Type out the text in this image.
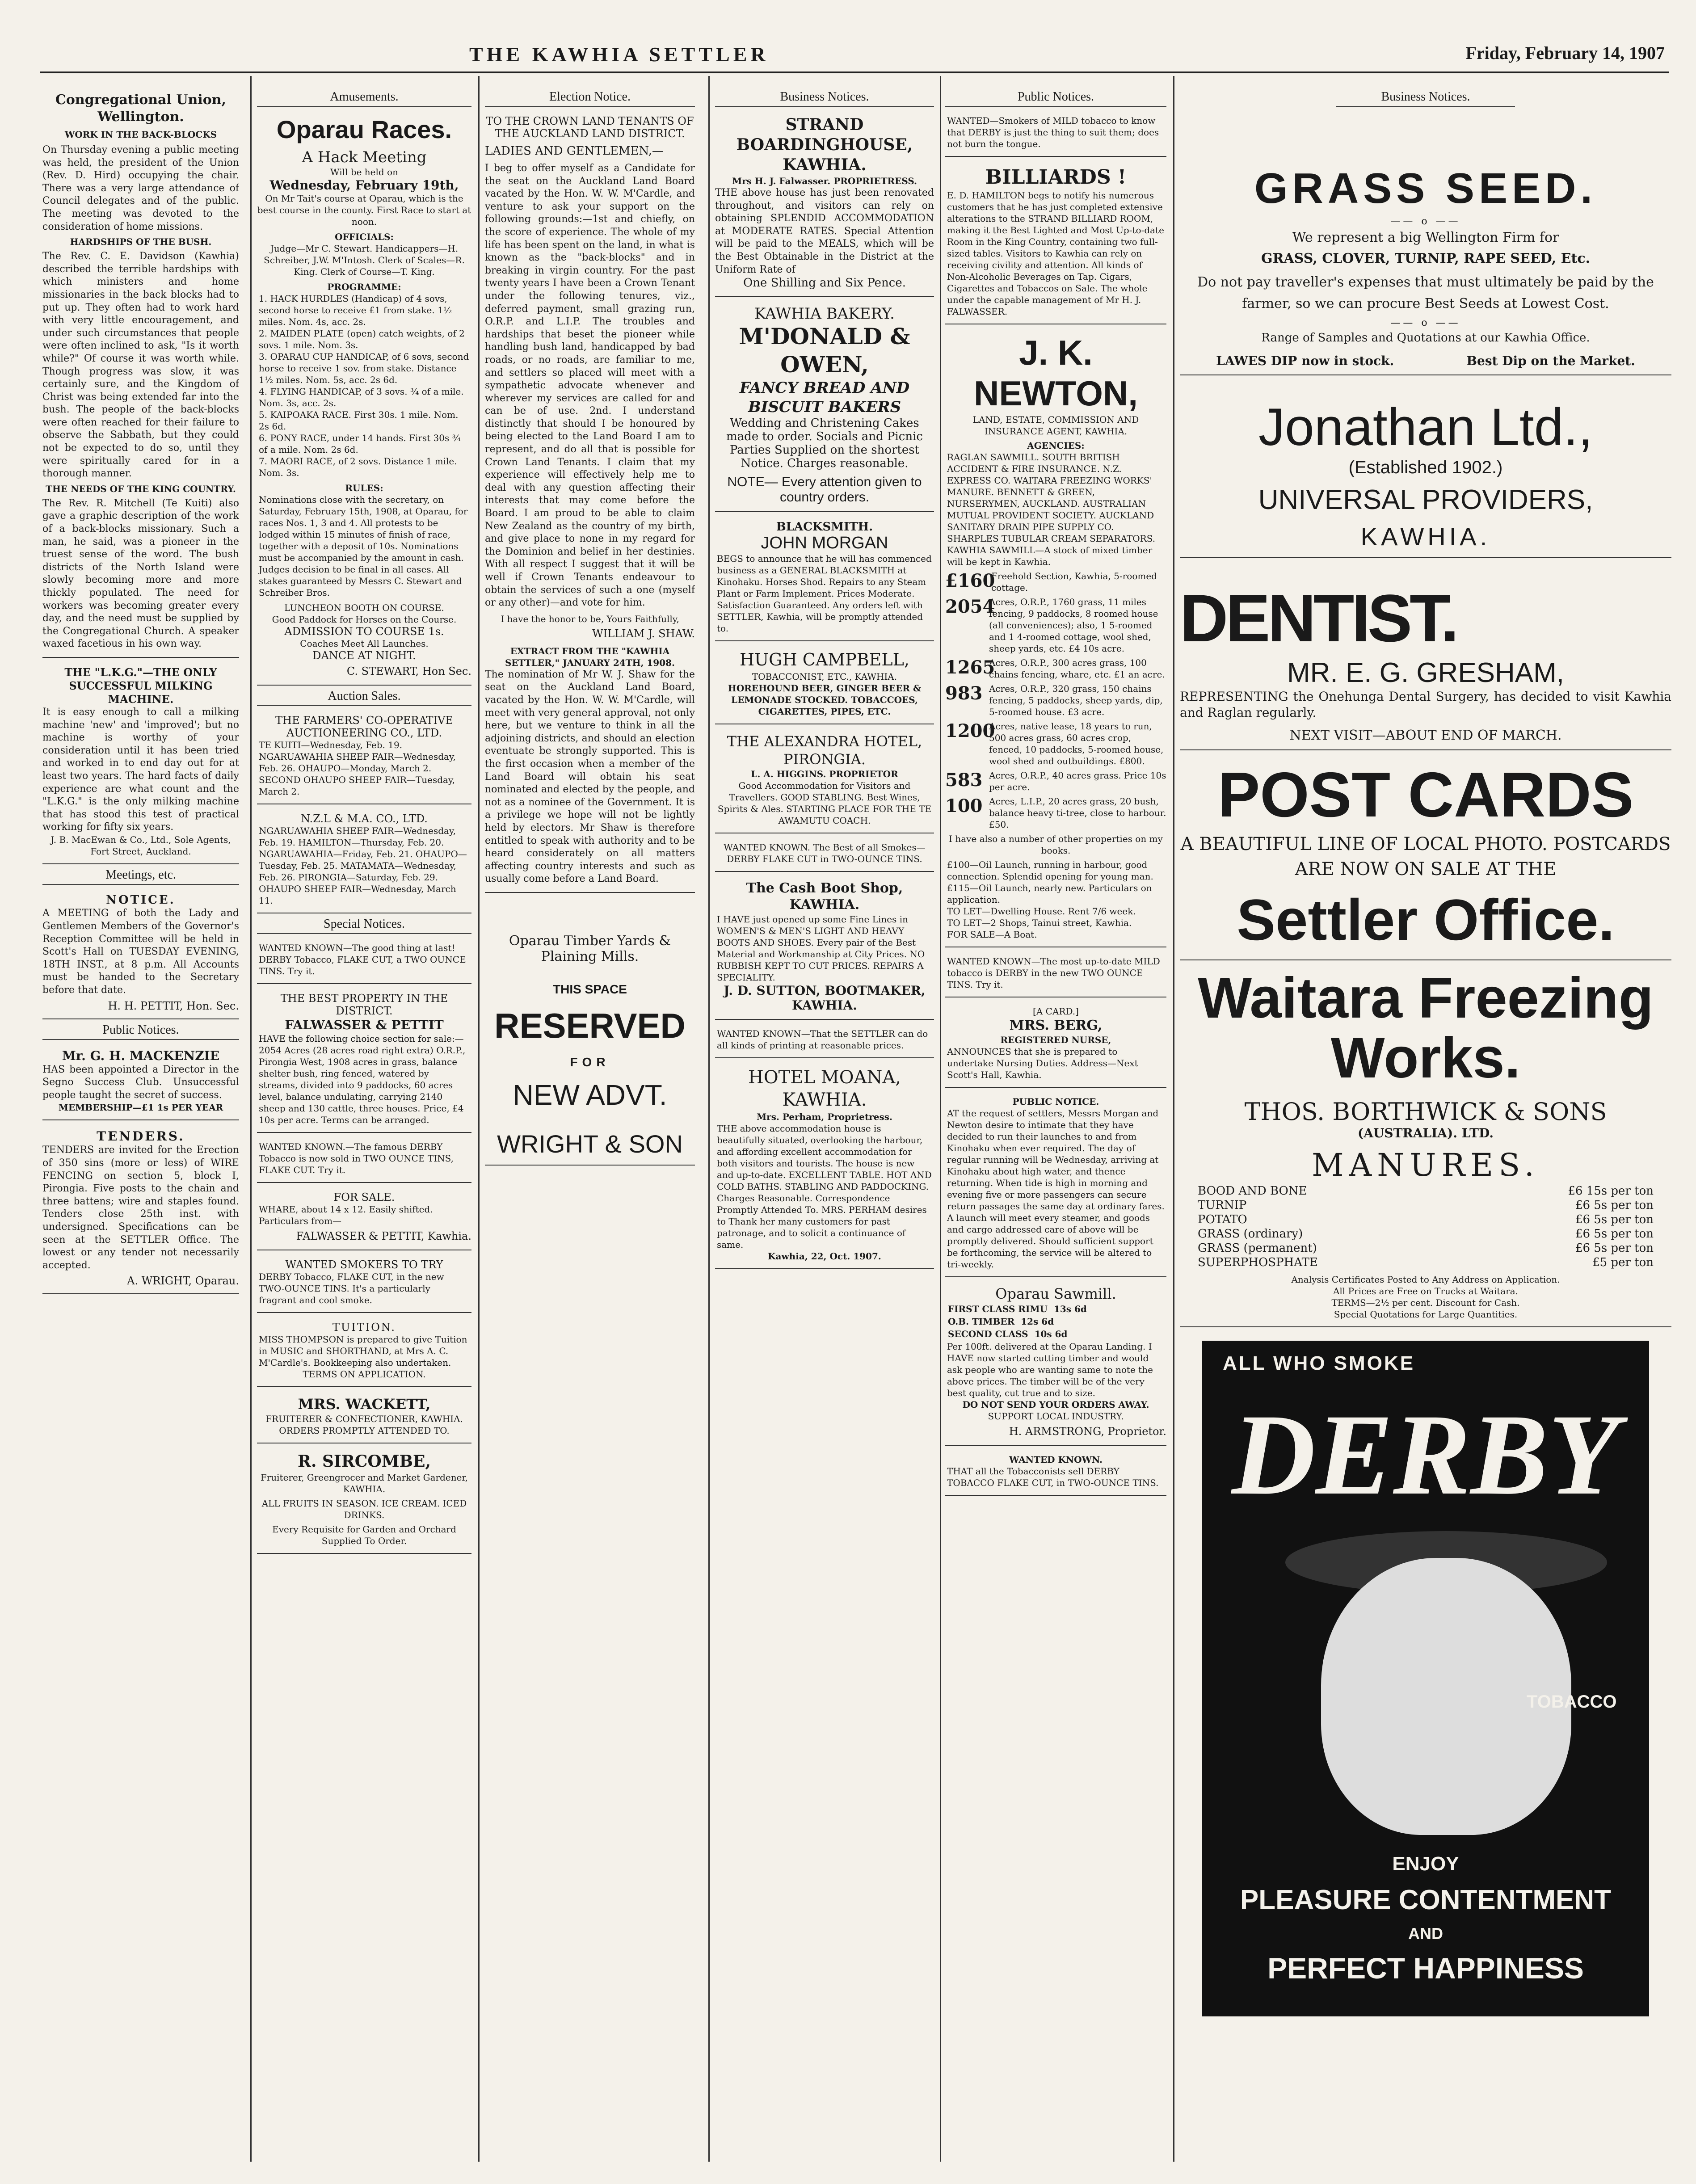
THE KAWHIA SETTLER	Friday, February 14, 1907
Congregational Union, Wellington.
WORK IN THE BACK-BLOCKS
On Thursday evening a public meeting was held, the president of the Union (Rev. D. Hird) occupying the chair. There was a very large attendance of Council delegates and of the public. The meeting was devoted to the consideration of home missions.
HARDSHIPS OF THE BUSH.
The Rev. C. E. Davidson (Kawhia) described the terrible hardships with which ministers and home missionaries in the back blocks had to put up. They often had to work hard with very little encouragement, and under such circumstances that people were often inclined to ask, "Is it worth while?" Of course it was worth while. Though progress was slow, it was certainly sure, and the Kingdom of Christ was being extended far into the bush. The people of the back-blocks were often reached for their failure to observe the Sabbath, but they could not be expected to do so, until they were spiritually cared for in a thorough manner.
THE NEEDS OF THE KING COUNTRY.
The Rev. R. Mitchell (Te Kuiti) also gave a graphic description of the work of a back-blocks missionary. Such a man, he said, was a pioneer in the truest sense of the word. The bush districts of the North Island were slowly becoming more and more thickly populated. The need for workers was becoming greater every day, and the need must be supplied by the Congregational Church. A speaker waxed facetious in his own way.
THE "L.K.G."—THE ONLY SUCCESSFUL MILKING MACHINE.
It is easy enough to call a milking machine 'new' and 'improved'; but no machine is worthy of your consideration until it has been tried and worked in to end day out for at least two years. The hard facts of daily experience are what count and the "L.K.G." is the only milking machine that has stood this test of practical working for fifty six years.
J. B. MacEwan & Co., Ltd., Sole Agents, Fort Street, Auckland.
Meetings, etc.
NOTICE.
A MEETING of both the Lady and Gentlemen Members of the Governor's Reception Committee will be held in Scott's Hall on TUESDAY EVENING, 18TH INST., at 8 p.m. All Accounts must be handed to the Secretary before that date.
H. H. PETTIT, Hon. Sec.
Public Notices.
Mr. G. H. MACKENZIE
HAS been appointed a Director in the Segno Success Club. Unsuccessful people taught the secret of success.
MEMBERSHIP—£1 1s PER YEAR
TENDERS.
TENDERS are invited for the Erection of 350 sins (more or less) of WIRE FENCING on section 5, block I, Pirongia. Five posts to the chain and three battens; wire and staples found. Tenders close 25th inst. with undersigned. Specifications can be seen at the SETTLER Office. The lowest or any tender not necessarily accepted.
A. WRIGHT, Oparau.
Amusements.
Oparau Races.
A Hack Meeting
Will be held on
Wednesday, February 19th,
On Mr Tait's course at Oparau, which is the best course in the county. First Race to start at noon.
OFFICIALS:
Judge—Mr C. Stewart. Handicappers—H. Schreiber, J.W. M'Intosh. Clerk of Scales—R. King. Clerk of Course—T. King.
PROGRAMME:
1. HACK HURDLES (Handicap) of 4 sovs, second horse to receive £1 from stake. 1½ miles. Nom. 4s, acc. 2s.
2. MAIDEN PLATE (open) catch weights, of 2 sovs. 1 mile. Nom. 3s.
3. OPARAU CUP HANDICAP, of 6 sovs, second horse to receive 1 sov. from stake. Distance 1½ miles. Nom. 5s, acc. 2s 6d.
4. FLYING HANDICAP, of 3 sovs. ¾ of a mile. Nom. 3s, acc. 2s.
5. KAIPOAKA RACE. First 30s. 1 mile. Nom. 2s 6d.
6. PONY RACE, under 14 hands. First 30s ¾ of a mile. Nom. 2s 6d.
7. MAORI RACE, of 2 sovs. Distance 1 mile. Nom. 3s.
RULES:
Nominations close with the secretary, on Saturday, February 15th, 1908, at Oparau, for races Nos. 1, 3 and 4. All protests to be lodged within 15 minutes of finish of race, together with a deposit of 10s. Nominations must be accompanied by the amount in cash. Judges decision to be final in all cases. All stakes guaranteed by Messrs C. Stewart and Schreiber Bros.
LUNCHEON BOOTH ON COURSE.
Good Paddock for Horses on the Course.
ADMISSION TO COURSE 1s.
Coaches Meet All Launches.
DANCE AT NIGHT.
C. STEWART, Hon Sec.
Auction Sales.
THE FARMERS' CO-OPERATIVE AUCTIONEERING CO., LTD.
TE KUITI—Wednesday, Feb. 19. NGARUAWAHIA SHEEP FAIR—Wednesday, Feb. 26. OHAUPO—Monday, March 2. SECOND OHAUPO SHEEP FAIR—Tuesday, March 2.
N.Z.L & M.A. CO., LTD.
NGARUAWAHIA SHEEP FAIR—Wednesday, Feb. 19. HAMILTON—Thursday, Feb. 20. NGARUAWAHIA—Friday, Feb. 21. OHAUPO—Tuesday, Feb. 25. MATAMATA—Wednesday, Feb. 26. PIRONGIA—Saturday, Feb. 29. OHAUPO SHEEP FAIR—Wednesday, March 11.
Special Notices.
WANTED KNOWN—The good thing at last! DERBY Tobacco, FLAKE CUT, a TWO OUNCE TINS. Try it.
THE BEST PROPERTY IN THE DISTRICT.
FALWASSER & PETTIT
HAVE the following choice section for sale:— 2054 Acres (28 acres road right extra) O.R.P., Pirongia West, 1908 acres in grass, balance shelter bush, ring fenced, watered by streams, divided into 9 paddocks, 60 acres level, balance undulating, carrying 2140 sheep and 130 cattle, three houses. Price, £4 10s per acre. Terms can be arranged.
WANTED KNOWN.—The famous DERBY Tobacco is now sold in TWO OUNCE TINS, FLAKE CUT. Try it.
FOR SALE.
WHARE, about 14 x 12. Easily shifted. Particulars from—
FALWASSER & PETTIT, Kawhia.
WANTED SMOKERS TO TRY
DERBY Tobacco, FLAKE CUT, in the new TWO-OUNCE TINS. It's a particularly fragrant and cool smoke.
TUITION.
MISS THOMPSON is prepared to give Tuition in MUSIC and SHORTHAND, at Mrs A. C. M'Cardle's. Bookkeeping also undertaken.
TERMS ON APPLICATION.
MRS. WACKETT,
FRUITERER & CONFECTIONER, KAWHIA.
ORDERS PROMPTLY ATTENDED TO.
R. SIRCOMBE,
Fruiterer, Greengrocer and Market Gardener, KAWHIA.
ALL FRUITS IN SEASON. ICE CREAM. ICED DRINKS.
Every Requisite for Garden and Orchard Supplied To Order.
Election Notice.
TO THE CROWN LAND TENANTS OF THE AUCKLAND LAND DISTRICT.
LADIES AND GENTLEMEN,—
I beg to offer myself as a Candidate for the seat on the Auckland Land Board vacated by the Hon. W. W. M'Cardle, and venture to ask your support on the following grounds:—1st and chiefly, on the score of experience. The whole of my life has been spent on the land, in what is known as the "back-blocks" and in breaking in virgin country. For the past twenty years I have been a Crown Tenant under the following tenures, viz., deferred payment, small grazing run, O.R.P. and L.I.P. The troubles and hardships that beset the pioneer while handling bush land, handicapped by bad roads, or no roads, are familiar to me, and settlers so placed will meet with a sympathetic advocate whenever and wherever my services are called for and can be of use. 2nd. I understand distinctly that should I be honoured by being elected to the Land Board I am to represent, and do all that is possible for Crown Land Tenants. I claim that my experience will effectively help me to deal with any question affecting their interests that may come before the Board. I am proud to be able to claim New Zealand as the country of my birth, and give place to none in my regard for the Dominion and belief in her destinies. With all respect I suggest that it will be well if Crown Tenants endeavour to obtain the services of such a one (myself or any other)—and vote for him.
I have the honor to be, Yours Faithfully,
WILLIAM J. SHAW.
EXTRACT FROM THE "KAWHIA SETTLER," JANUARY 24TH, 1908.
The nomination of Mr W. J. Shaw for the seat on the Auckland Land Board, vacated by the Hon. W. W. M'Cardle, will meet with very general approval, not only here, but we venture to think in all the adjoining districts, and should an election eventuate be strongly supported. This is the first occasion when a member of the Land Board will obtain his seat nominated and elected by the people, and not as a nominee of the Government. It is a privilege we hope will not be lightly held by electors. Mr Shaw is therefore entitled to speak with authority and to be heard considerately on all matters affecting country interests and such as usually come before a Land Board.
Oparau Timber Yards & Plaining Mills.
THIS SPACE
RESERVED
FOR
NEW ADVT.
WRIGHT & SON
Business Notices.
STRAND BOARDINGHOUSE, KAWHIA.
Mrs H. J. Falwasser. PROPRIETRESS.
THE above house has just been renovated throughout, and visitors can rely on obtaining SPLENDID ACCOMMODATION at MODERATE RATES. Special Attention will be paid to the MEALS, which will be the Best Obtainable in the District at the Uniform Rate of
One Shilling and Six Pence.
KAWHIA BAKERY.
M'DONALD & OWEN,
FANCY BREAD AND BISCUIT BAKERS
Wedding and Christening Cakes made to order. Socials and Picnic Parties Supplied on the shortest Notice. Charges reasonable.
NOTE— Every attention given to country orders.
BLACKSMITH.
JOHN MORGAN
BEGS to announce that he will has commenced business as a GENERAL BLACKSMITH at Kinohaku. Horses Shod. Repairs to any Steam Plant or Farm Implement. Prices Moderate. Satisfaction Guaranteed. Any orders left with SETTLER, Kawhia, will be promptly attended to.
HUGH CAMPBELL,
TOBACCONIST, ETC., KAWHIA.
HOREHOUND BEER, GINGER BEER & LEMONADE STOCKED. TOBACCOES, CIGARETTES, PIPES, ETC.
THE ALEXANDRA HOTEL, PIRONGIA.
L. A. HIGGINS. PROPRIETOR
Good Accommodation for Visitors and Travellers. GOOD STABLING. Best Wines, Spirits & Ales. STARTING PLACE FOR THE TE AWAMUTU COACH.
WANTED KNOWN. The Best of all Smokes—DERBY FLAKE CUT in TWO-OUNCE TINS.
The Cash Boot Shop, KAWHIA.
I HAVE just opened up some Fine Lines in WOMEN'S & MEN'S LIGHT AND HEAVY BOOTS AND SHOES. Every pair of the Best Material and Workmanship at City Prices. NO RUBBISH KEPT TO CUT PRICES. REPAIRS A SPECIALITY.
J. D. SUTTON, BOOTMAKER, KAWHIA.
WANTED KNOWN—That the SETTLER can do all kinds of printing at reasonable prices.
HOTEL MOANA, KAWHIA.
Mrs. Perham, Proprietress.
THE above accommodation house is beautifully situated, overlooking the harbour, and affording excellent accommodation for both visitors and tourists. The house is new and up-to-date. EXCELLENT TABLE. HOT AND COLD BATHS. STABLING AND PADDOCKING. Charges Reasonable. Correspondence Promptly Attended To. MRS. PERHAM desires to Thank her many customers for past patronage, and to solicit a continuance of same.
Kawhia, 22, Oct. 1907.
Public Notices.
WANTED—Smokers of MILD tobacco to know that DERBY is just the thing to suit them; does not burn the tongue.
BILLIARDS !
E. D. HAMILTON begs to notify his numerous customers that he has just completed extensive alterations to the STRAND BILLIARD ROOM, making it the Best Lighted and Most Up-to-date Room in the King Country, containing two full-sized tables. Visitors to Kawhia can rely on receiving civility and attention. All kinds of Non-Alcoholic Beverages on Tap. Cigars, Cigarettes and Tobaccos on Sale. The whole under the capable management of Mr H. J. FALWASSER.
J. K. NEWTON,
LAND, ESTATE, COMMISSION AND INSURANCE AGENT, KAWHIA.
AGENCIES:
RAGLAN SAWMILL. SOUTH BRITISH ACCIDENT & FIRE INSURANCE. N.Z. EXPRESS CO. WAITARA FREEZING WORKS' MANURE. BENNETT & GREEN, NURSERYMEN, AUCKLAND. AUSTRALIAN MUTUAL PROVIDENT SOCIETY. AUCKLAND SANITARY DRAIN PIPE SUPPLY CO. SHARPLES TUBULAR CREAM SEPARATORS. KAWHIA SAWMILL—A stock of mixed timber will be kept in Kawhia.
£160
Freehold Section, Kawhia, 5-roomed cottage.
2054
Acres, O.R.P., 1760 grass, 11 miles fencing, 9 paddocks, 8 roomed house (all conveniences); also, 1 5-roomed and 1 4-roomed cottage, wool shed, sheep yards, etc. £4 10s acre.
1265
Acres, O.R.P., 300 acres grass, 100 chains fencing, whare, etc. £1 an acre.
983 Acres, O.R.P., 320 grass, 150 chains fencing, 5 paddocks, sheep yards, dip, 5-roomed house. £3 acre.
1200
Acres, native lease, 18 years to run, 500 acres grass, 60 acres crop, fenced, 10 paddocks, 5-roomed house, wool shed and outbuildings. £800.
583 Acres, O.R.P., 40 acres grass. Price 10s per acre.
100 Acres, L.I.P., 20 acres grass, 20 bush, balance heavy ti-tree, close to harbour. £50.
I have also a number of other properties on my books.
£100—Oil Launch, running in harbour, good connection. Splendid opening for young man.
£115—Oil Launch, nearly new. Particulars on application.
TO LET—Dwelling House. Rent 7/6 week.
TO LET—2 Shops, Tainui street, Kawhia.
FOR SALE—A Boat.
WANTED KNOWN—The most up-to-date MILD tobacco is DERBY in the new TWO OUNCE TINS. Try it.
[A CARD.]
MRS. BERG,
REGISTERED NURSE,
ANNOUNCES that she is prepared to undertake Nursing Duties. Address—Next Scott's Hall, Kawhia.
PUBLIC NOTICE.
AT the request of settlers, Messrs Morgan and Newton desire to intimate that they have decided to run their launches to and from Kinohaku when ever required. The day of regular running will be Wednesday, arriving at Kinohaku about high water, and thence returning. When tide is high in morning and evening five or more passengers can secure return passages the same day at ordinary fares. A launch will meet every steamer, and goods and cargo addressed care of above will be promptly delivered. Should sufficient support be forthcoming, the service will be altered to tri-weekly.
Oparau Sawmill.
FIRST CLASS RIMU 13s 6d
O.B. TIMBER 12s 6d
SECOND CLASS 10s 6d
Per 100ft. delivered at the Oparau Landing. I HAVE now started cutting timber and would ask people who are wanting same to note the above prices. The timber will be of the very best quality, cut true and to size.
DO NOT SEND YOUR ORDERS AWAY.
SUPPORT LOCAL INDUSTRY.
H. ARMSTRONG, Proprietor.
WANTED KNOWN.
THAT all the Tobacconists sell DERBY TOBACCO FLAKE CUT, in TWO-OUNCE TINS.
Business Notices.
GRASS SEED.
—— o ——
We represent a big Wellington Firm for
GRASS, CLOVER, TURNIP, RAPE SEED, Etc.
Do not pay traveller's expenses that must ultimately be paid by the farmer, so we can procure Best Seeds at Lowest Cost.
—— o ——
Range of Samples and Quotations at our Kawhia Office.
LAWES DIP now in stock.	Best Dip on the Market.
Jonathan Ltd.,
(Established 1902.)
UNIVERSAL PROVIDERS,
KAWHIA.
DENTIST.
MR. E. G. GRESHAM,
REPRESENTING the Onehunga Dental Surgery, has decided to visit Kawhia and Raglan regularly.
NEXT VISIT—ABOUT END OF MARCH.
POST CARDS
A BEAUTIFUL LINE OF LOCAL PHOTO. POSTCARDS ARE NOW ON SALE AT THE
Settler Office.
Waitara Freezing Works.
THOS. BORTHWICK & SONS
(AUSTRALIA). LTD.
MANURES.
BOOD AND BONE	£6 15s per ton
TURNIP	£6 5s per ton
POTATO	£6 5s per ton
GRASS (ordinary)	£6 5s per ton
GRASS (permanent)	£6 5s per ton
SUPERPHOSPHATE	£5 per ton
Analysis Certificates Posted to Any Address on Application.
All Prices are Free on Trucks at Waitara.
TERMS—2½ per cent. Discount for Cash.
Special Quotations for Large Quantities.
ALL WHO SMOKE
DERBY
TOBACCO
ENJOY
PLEASURE CONTENTMENT
AND
PERFECT HAPPINESS
